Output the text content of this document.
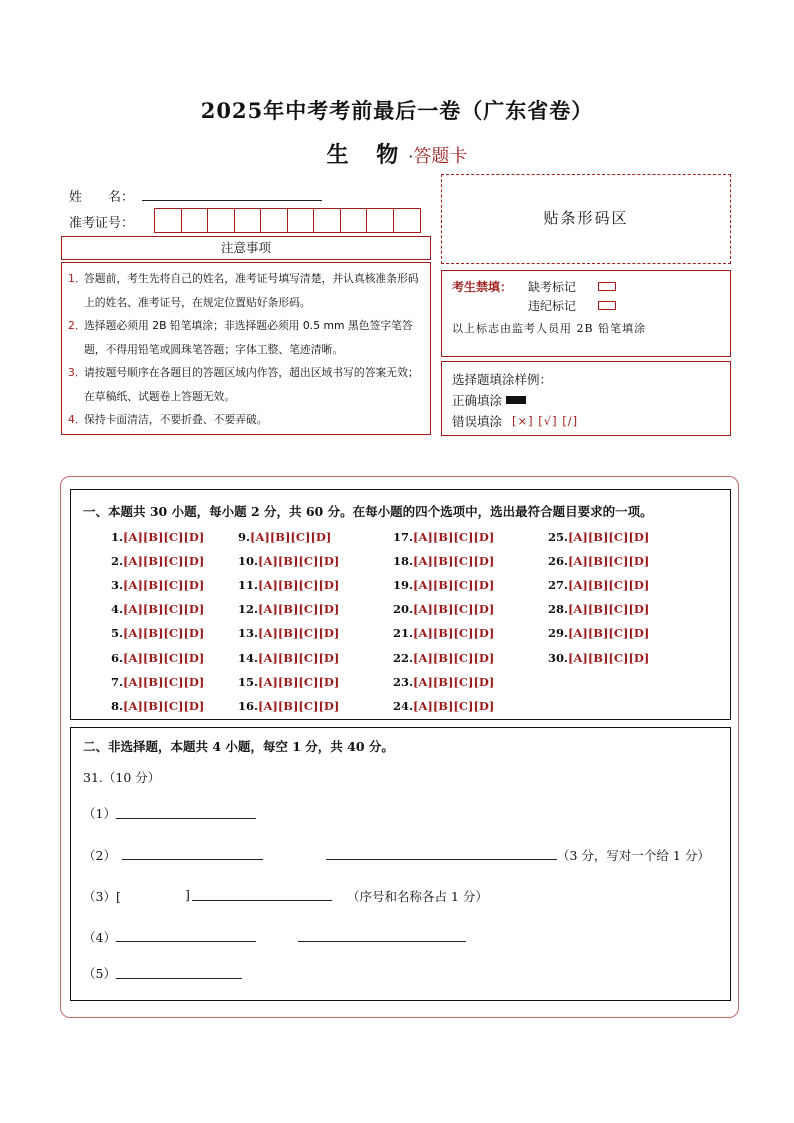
2025年中考考前最后一卷（广东省卷）
生 物·答题卡
姓　　名：
准考证号：
注意事项
1．
答题前，考生先将自己的姓名，准考证号填写清楚，并认真核准条形码上的姓名、准考证号，在规定位置贴好条形码。
2．
选择题必须用 2B 铅笔填涂；非选择题必须用 0.5 mm 黑色签字笔答题，不得用铅笔或圆珠笔答题；字体工整、笔迹清晰。
3．
请按题号顺序在各题目的答题区域内作答，超出区域书写的答案无效；在草稿纸、试题卷上答题无效。
4．
保持卡面清洁，不要折叠、不要弄破。
贴条形码区
考生禁填：	缺考标记
违纪标记
以上标志由监考人员用 2B 铅笔填涂
选择题填涂样例：
正确填涂
错误填涂 [×] [√] [/]
一、本题共 30 小题，每小题 2 分，共 60 分。在每小题的四个选项中，选出最符合题目要求的一项。
1.[A][B][C][D]
2.[A][B][C][D]
3.[A][B][C][D]
4.[A][B][C][D]
5.[A][B][C][D]
6.[A][B][C][D]
7.[A][B][C][D]
8.[A][B][C][D]
9.[A][B][C][D]
10.[A][B][C][D]
11.[A][B][C][D]
12.[A][B][C][D]
13.[A][B][C][D]
14.[A][B][C][D]
15.[A][B][C][D]
16.[A][B][C][D]
17.[A][B][C][D]
18.[A][B][C][D]
19.[A][B][C][D]
20.[A][B][C][D]
21.[A][B][C][D]
22.[A][B][C][D]
23.[A][B][C][D]
24.[A][B][C][D]
25.[A][B][C][D]
26.[A][B][C][D]
27.[A][B][C][D]
28.[A][B][C][D]
29.[A][B][C][D]
30.[A][B][C][D]
二、非选择题，本题共 4 小题，每空 1 分，共 40 分。
31.（10 分）
（1）
（2）	（3 分，写对一个给 1 分）
（3）[	]	（序号和名称各占 1 分）
（4）
（5）
